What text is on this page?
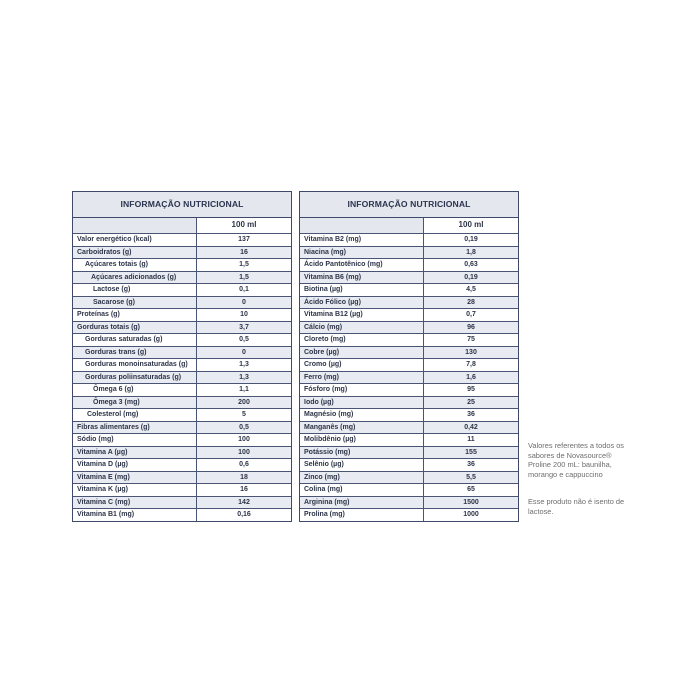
INFORMAÇÃO NUTRICIONAL
100 ml
Valor energético (kcal)	137
Carboidratos (g)	16
Açúcares totais (g)	1,5
Açúcares adicionados (g)	1,5
Lactose (g)	0,1
Sacarose (g)	0
Proteínas (g)	10
Gorduras totais (g)	3,7
Gorduras saturadas (g)	0,5
Gorduras trans (g)	0
Gorduras monoinsaturadas (g)	1,3
Gorduras poliinsaturadas (g)	1,3
Ômega 6 (g)	1,1
Ômega 3 (mg)	200
Colesterol (mg)	5
Fibras alimentares (g)	0,5
Sódio (mg)	100
Vitamina A (µg)	100
Vitamina D (µg)	0,6
Vitamina E (mg)	18
Vitamina K (µg)	16
Vitamina C (mg)	142
Vitamina B1 (mg)	0,16
INFORMAÇÃO NUTRICIONAL
100 ml
Vitamina B2 (mg)	0,19
Niacina (mg)	1,8
Ácido Pantotênico (mg)	0,63
Vitamina B6 (mg)	0,19
Biotina (µg)	4,5
Ácido Fólico (µg)	28
Vitamina B12 (µg)	0,7
Cálcio (mg)	96
Cloreto (mg)	75
Cobre (µg)	130
Cromo (µg)	7,8
Ferro (mg)	1,6
Fósforo (mg)	95
Iodo (µg)	25
Magnésio (mg)	36
Manganês (mg)	0,42
Molibdênio (µg)	11
Potássio (mg)	155
Selênio (µg)	36
Zinco (mg)	5,5
Colina (mg)	65
Arginina (mg)	1500
Prolina (mg)	1000
Valores referentes a todos os sabores de Novasource® Proline 200 mL: baunilha, morango e cappuccino
Esse produto não é isento de lactose.
